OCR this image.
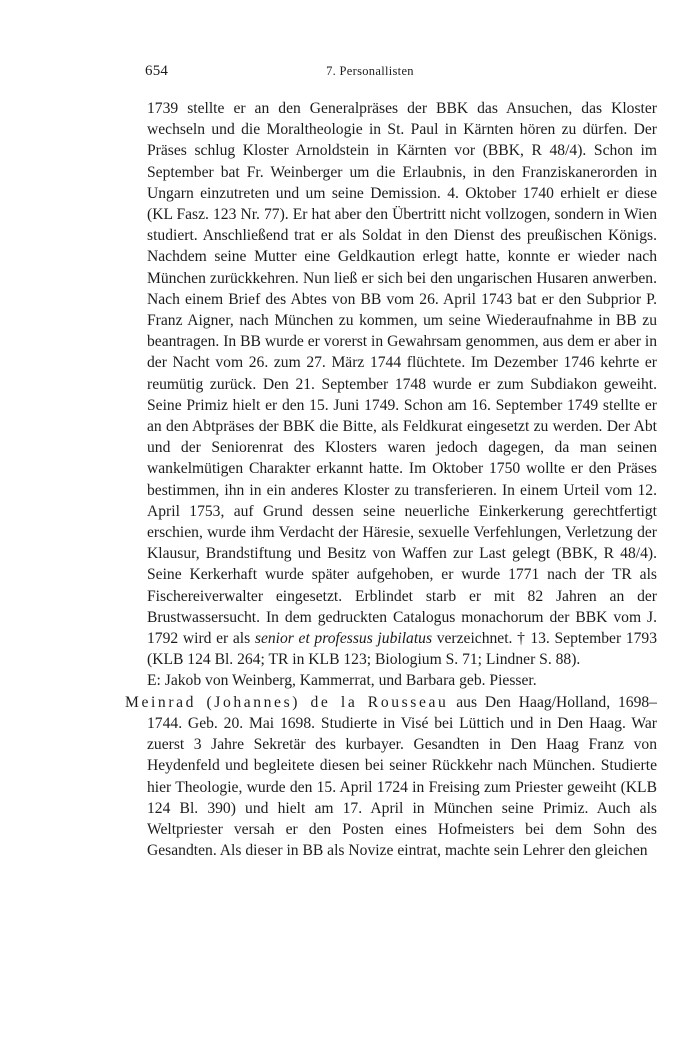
654	7. Personallisten

1739 stellte er an den Generalpräses der BBK das Ansuchen, das Kloster wechseln und die Moraltheologie in St. Paul in Kärnten hören zu dürfen. Der Präses schlug Kloster Arnoldstein in Kärnten vor (BBK, R 48/4). Schon im September bat Fr. Weinberger um die Erlaubnis, in den Franziskanerorden in Ungarn einzutreten und um seine Demission. 4. Oktober 1740 erhielt er diese (KL Fasz. 123 Nr. 77). Er hat aber den Übertritt nicht vollzogen, sondern in Wien studiert. Anschließend trat er als Soldat in den Dienst des preußischen Königs. Nachdem seine Mutter eine Geldkaution erlegt hatte, konnte er wieder nach München zurückkehren. Nun ließ er sich bei den ungarischen Husaren anwerben. Nach einem Brief des Abtes von BB vom 26. April 1743 bat er den Subprior P. Franz Aigner, nach München zu kommen, um seine Wiederaufnahme in BB zu beantragen. In BB wurde er vorerst in Gewahrsam genommen, aus dem er aber in der Nacht vom 26. zum 27. März 1744 flüchtete. Im Dezember 1746 kehrte er reumütig zurück. Den 21. September 1748 wurde er zum Subdiakon geweiht. Seine Primiz hielt er den 15. Juni 1749. Schon am 16. September 1749 stellte er an den Abtpräses der BBK die Bitte, als Feldkurat eingesetzt zu werden. Der Abt und der Seniorenrat des Klosters waren jedoch dagegen, da man seinen wankelmütigen Charakter erkannt hatte. Im Oktober 1750 wollte er den Präses bestimmen, ihn in ein anderes Kloster zu transferieren. In einem Urteil vom 12. April 1753, auf Grund dessen seine neuerliche Einkerkerung gerechtfertigt erschien, wurde ihm Verdacht der Häresie, sexuelle Verfehlungen, Verletzung der Klausur, Brandstiftung und Besitz von Waffen zur Last gelegt (BBK, R 48/4). Seine Kerkerhaft wurde später aufgehoben, er wurde 1771 nach der TR als Fischereiverwalter eingesetzt. Erblindet starb er mit 82 Jahren an der Brustwassersucht. In dem gedruckten Catalogus monachorum der BBK vom J. 1792 wird er als senior et professus jubilatus verzeichnet. † 13. September 1793 (KLB 124 Bl. 264; TR in KLB 123; Biologium S. 71; Lindner S. 88).

E: Jakob von Weinberg, Kammerrat, und Barbara geb. Piesser.

Meinrad (Johannes) de la Rousseau aus Den Haag/Holland, 1698–1744. Geb. 20. Mai 1698. Studierte in Visé bei Lüttich und in Den Haag. War zuerst 3 Jahre Sekretär des kurbayer. Gesandten in Den Haag Franz von Heydenfeld und begleitete diesen bei seiner Rückkehr nach München. Studierte hier Theologie, wurde den 15. April 1724 in Freising zum Priester geweiht (KLB 124 Bl. 390) und hielt am 17. April in München seine Primiz. Auch als Weltpriester versah er den Posten eines Hofmeisters bei dem Sohn des Gesandten. Als dieser in BB als Novize eintrat, machte sein Lehrer den gleichen
